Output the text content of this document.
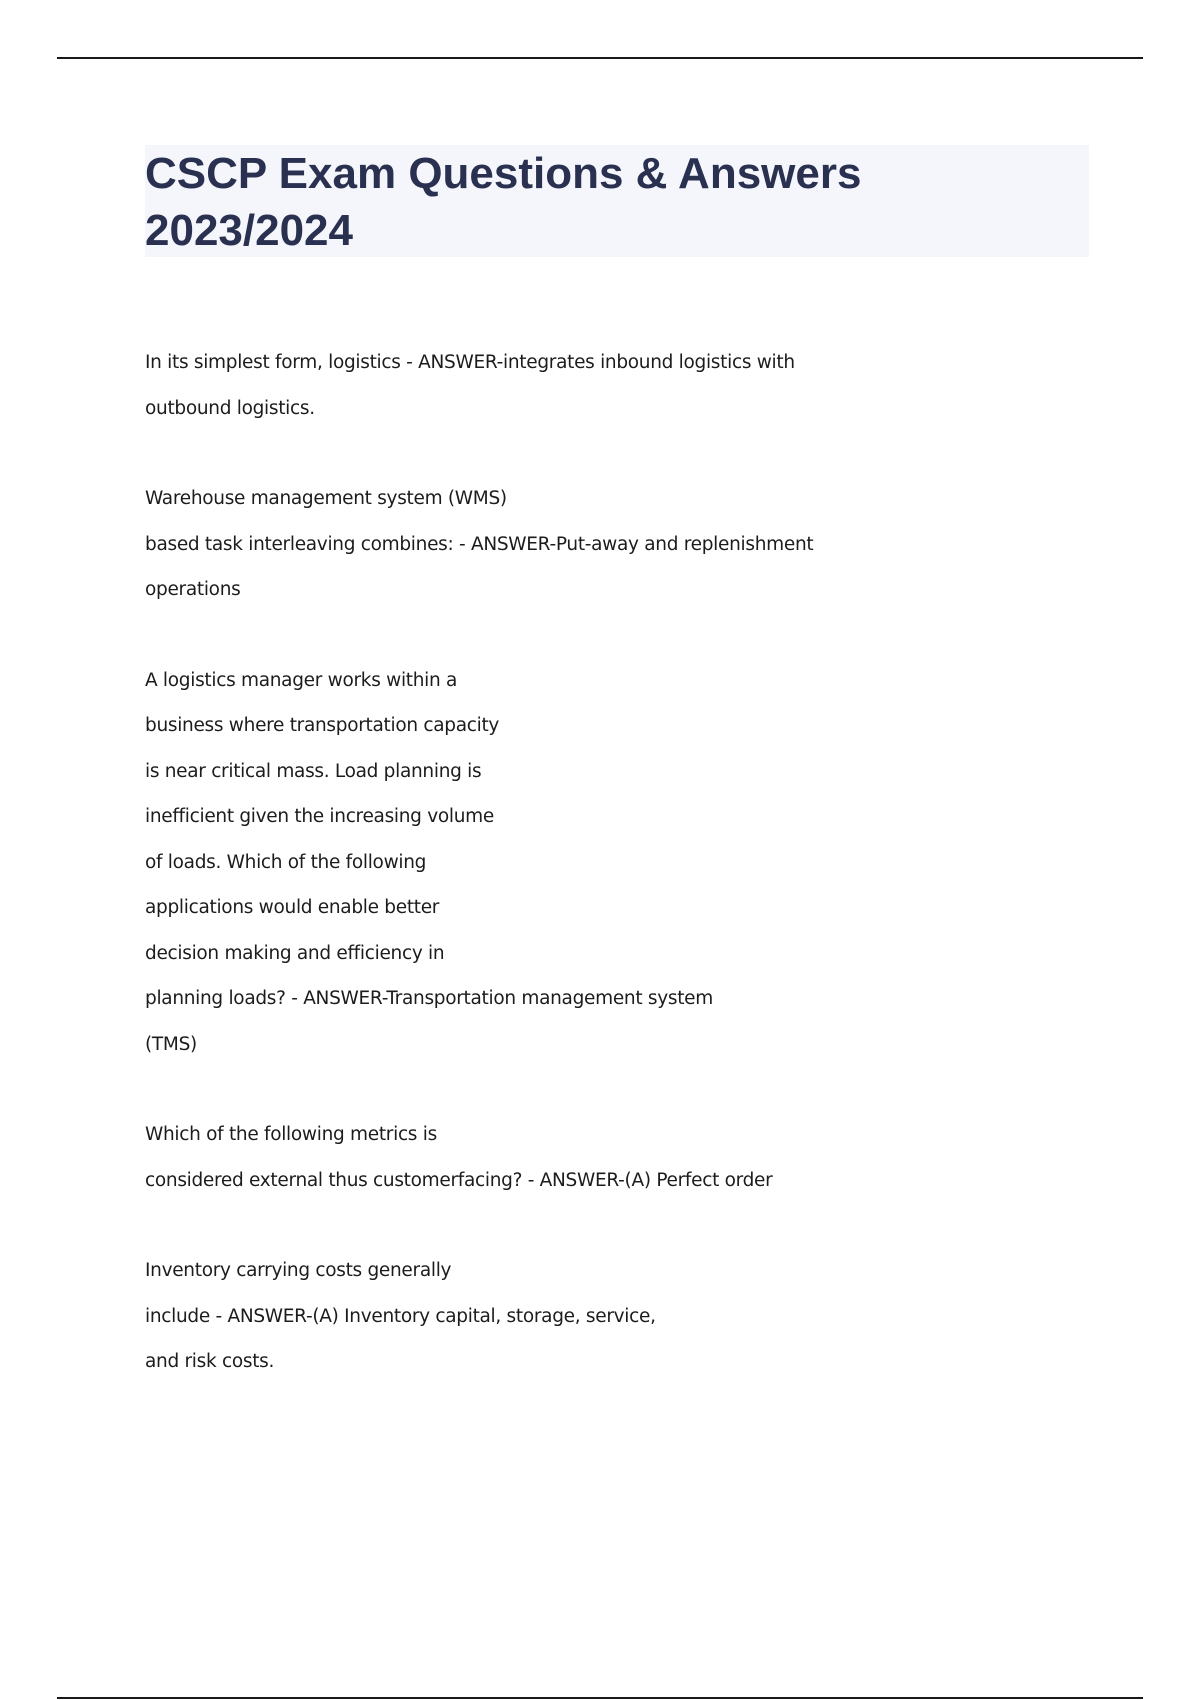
CSCP Exam Questions & Answers
2023/2024
In its simplest form, logistics - ANSWER-integrates inbound logistics with
outbound logistics.
Warehouse management system (WMS)
based task interleaving combines: - ANSWER-Put-away and replenishment
operations
A logistics manager works within a
business where transportation capacity
is near critical mass. Load planning is
inefficient given the increasing volume
of loads. Which of the following
applications would enable better
decision making and efficiency in
planning loads? - ANSWER-Transportation management system
(TMS)
Which of the following metrics is
considered external thus customerfacing? - ANSWER-(A) Perfect order
Inventory carrying costs generally
include - ANSWER-(A) Inventory capital, storage, service,
and risk costs.
